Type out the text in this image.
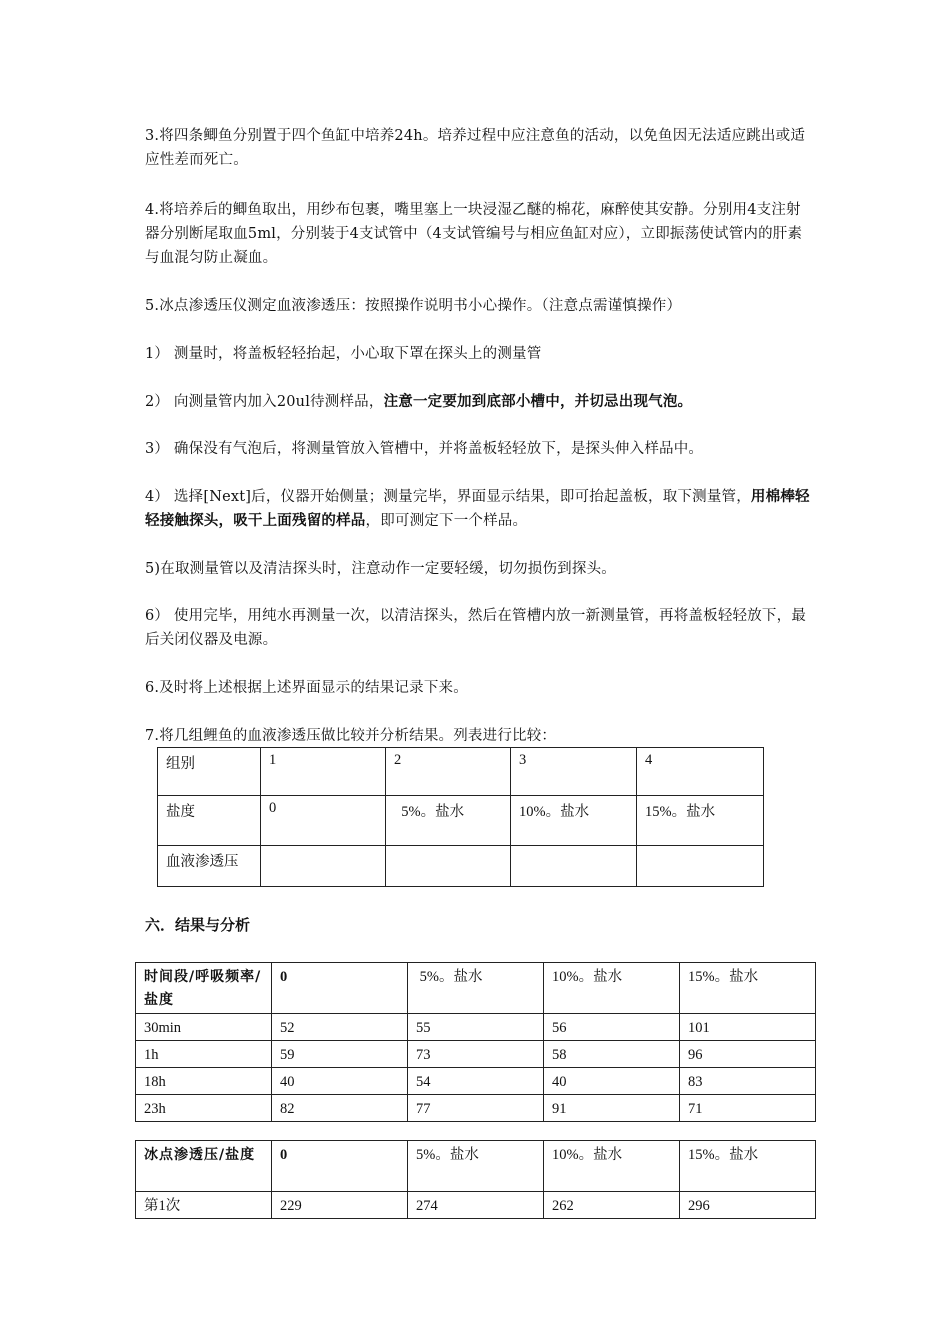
3.将四条鲫鱼分别置于四个鱼缸中培养24h。培养过程中应注意鱼的活动，以免鱼因无法适应跳出或适应性差而死亡。

4.将培养后的鲫鱼取出，用纱布包裹，嘴里塞上一块浸湿乙醚的棉花，麻醉使其安静。分别用4支注射器分别断尾取血5ml，分别装于4支试管中（4支试管编号与相应鱼缸对应），立即振荡使试管内的肝素与血混匀防止凝血。

5.冰点渗透压仪测定血液渗透压：按照操作说明书小心操作。（注意点需谨慎操作）

1） 测量时，将盖板轻轻抬起，小心取下罩在探头上的测量管

2） 向测量管内加入20ul待测样品，注意一定要加到底部小槽中，并切忌出现气泡。

3） 确保没有气泡后，将测量管放入管槽中，并将盖板轻轻放下，是探头伸入样品中。

4） 选择[Next]后，仪器开始侧量；测量完毕，界面显示结果，即可抬起盖板，取下测量管，用棉棒轻轻接触探头，吸干上面残留的样品，即可测定下一个样品。

5)在取测量管以及清洁探头时，注意动作一定要轻缓，切勿损伤到探头。

6） 使用完毕，用纯水再测量一次，以清洁探头，然后在管槽内放一新测量管，再将盖板轻轻放下，最后关闭仪器及电源。

6.及时将上述根据上述界面显示的结果记录下来。

7.将几组鲤鱼的血液渗透压做比较并分析结果。列表进行比较：

组别	1	2	3	4
盐度	0	5%。盐水	10%。盐水	15%。盐水
血液渗透压				

六．结果与分析

时间段/呼吸频率/盐度	0	5%。盐水	10%。盐水	15%。盐水
30min	52	55	56	101
1h	59	73	58	96
18h	40	54	40	83
23h	82	77	91	71
冰点渗透压/盐度	0	5%。盐水	10%。盐水	15%。盐水
第1次	229	274	262	296
